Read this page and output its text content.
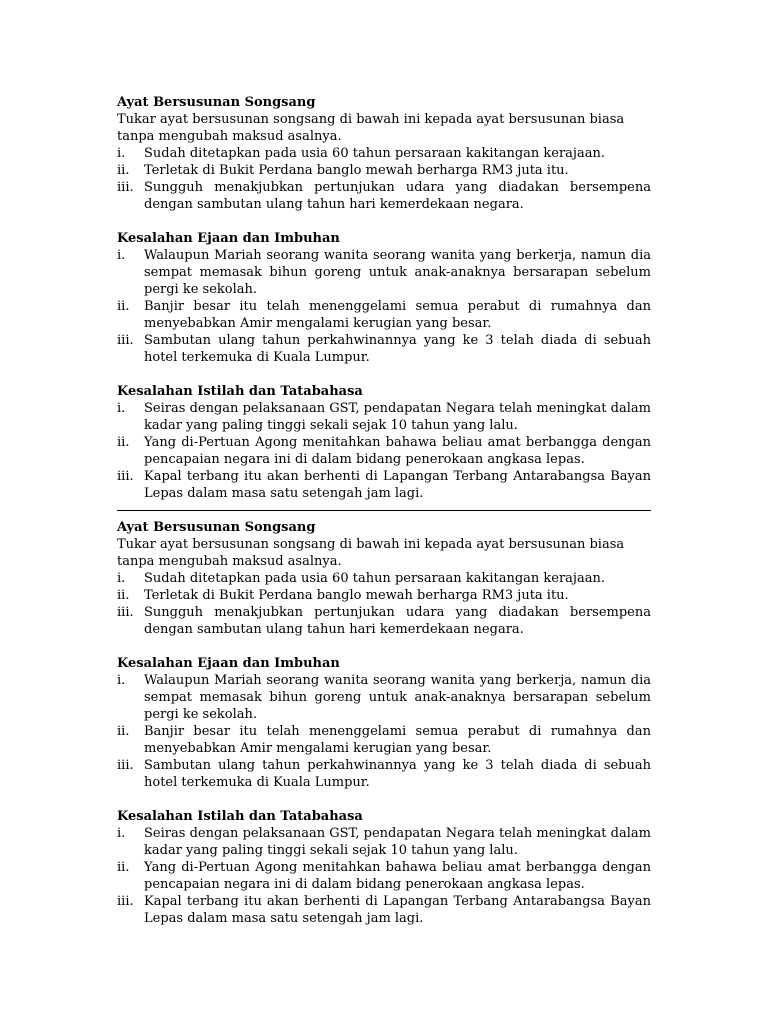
Ayat Bersusunan Songsang

Tukar ayat bersusunan songsang di bawah ini kepada ayat bersusunan biasa tanpa mengubah maksud asalnya.

i.	Sudah ditetapkan pada usia 60 tahun persaraan kakitangan kerajaan.
ii.	Terletak di Bukit Perdana banglo mewah berharga RM3 juta itu.
iii. Sungguh menakjubkan pertunjukan udara yang diadakan bersempena dengan sambutan ulang tahun hari kemerdekaan negara.

Kesalahan Ejaan dan Imbuhan

i.	Walaupun Mariah seorang wanita seorang wanita yang berkerja, namun dia sempat memasak bihun goreng untuk anak-anaknya bersarapan sebelum pergi ke sekolah.
ii.	Banjir besar itu telah menenggelami semua perabut di rumahnya dan menyebabkan Amir mengalami kerugian yang besar.
iii. Sambutan ulang tahun perkahwinannya yang ke 3 telah diada di sebuah hotel terkemuka di Kuala Lumpur.

Kesalahan Istilah dan Tatabahasa

i.	Seiras dengan pelaksanaan GST, pendapatan Negara telah meningkat dalam kadar yang paling tinggi sekali sejak 10 tahun yang lalu.
ii.	Yang di-Pertuan Agong menitahkan bahawa beliau amat berbangga dengan pencapaian negara ini di dalam bidang penerokaan angkasa lepas.
iii. Kapal terbang itu akan berhenti di Lapangan Terbang Antarabangsa Bayan Lepas dalam masa satu setengah jam lagi.

Ayat Bersusunan Songsang

Tukar ayat bersusunan songsang di bawah ini kepada ayat bersusunan biasa tanpa mengubah maksud asalnya.

i.	Sudah ditetapkan pada usia 60 tahun persaraan kakitangan kerajaan.
ii.	Terletak di Bukit Perdana banglo mewah berharga RM3 juta itu.
iii. Sungguh menakjubkan pertunjukan udara yang diadakan bersempena dengan sambutan ulang tahun hari kemerdekaan negara.

Kesalahan Ejaan dan Imbuhan

i.	Walaupun Mariah seorang wanita seorang wanita yang berkerja, namun dia sempat memasak bihun goreng untuk anak-anaknya bersarapan sebelum pergi ke sekolah.
ii.	Banjir besar itu telah menenggelami semua perabut di rumahnya dan menyebabkan Amir mengalami kerugian yang besar.
iii. Sambutan ulang tahun perkahwinannya yang ke 3 telah diada di sebuah hotel terkemuka di Kuala Lumpur.

Kesalahan Istilah dan Tatabahasa

i.	Seiras dengan pelaksanaan GST, pendapatan Negara telah meningkat dalam kadar yang paling tinggi sekali sejak 10 tahun yang lalu.
ii.	Yang di-Pertuan Agong menitahkan bahawa beliau amat berbangga dengan pencapaian negara ini di dalam bidang penerokaan angkasa lepas.
iii. Kapal terbang itu akan berhenti di Lapangan Terbang Antarabangsa Bayan Lepas dalam masa satu setengah jam lagi.
